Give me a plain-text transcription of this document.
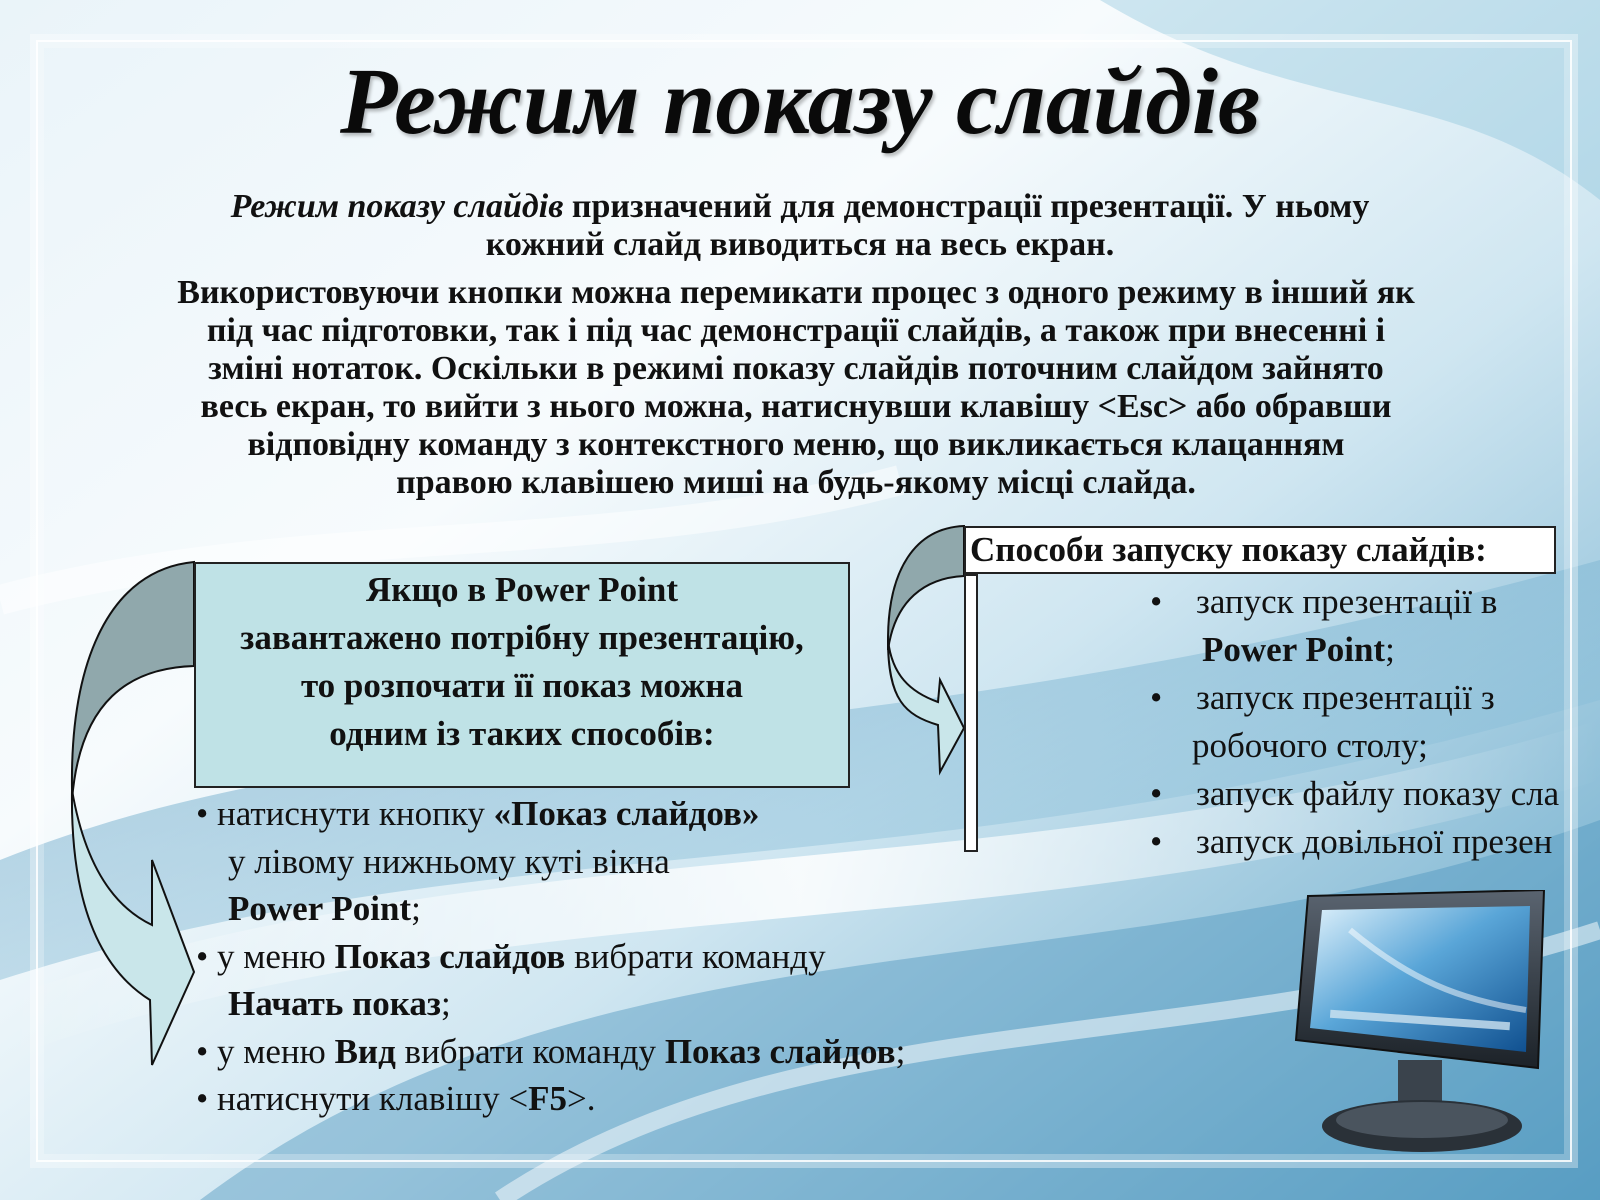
Режим показу слайдів

Режим показу слайдів призначений для демонстрації презентації. У ньому
кожний слайд виводиться на весь екран.

Використовуючи кнопки можна перемикати процес з одного режиму в інший як
під час підготовки, так і під час демонстрації слайдів, а також при внесенні і
зміні нотаток. Оскільки в режимі показу слайдів поточним слайдом зайнято
весь екран, то вийти з нього можна, натиснувши клавішу <Esc> або обравши
відповідну команду з контекстного меню, що викликається клацанням
правою клавішею миші на будь-якому місці слайда.

Якщо в Power Point
завантажено потрібну презентацію,
то розпочати її показ можна
одним із таких способів:
• натиснути кнопку «Показ слайдов»
у лівому нижньому куті вікна
Power Point;
• у меню Показ слайдов вибрати команду
Начать показ;
• у меню Вид вибрати команду Показ слайдов;
• натиснути клавішу <F5>.
Способи запуску показу слайдів:
• запуск презентації в
Power Point;
• запуск презентації з
робочого столу;
• запуск файлу показу сла
• запуск довільної презен
